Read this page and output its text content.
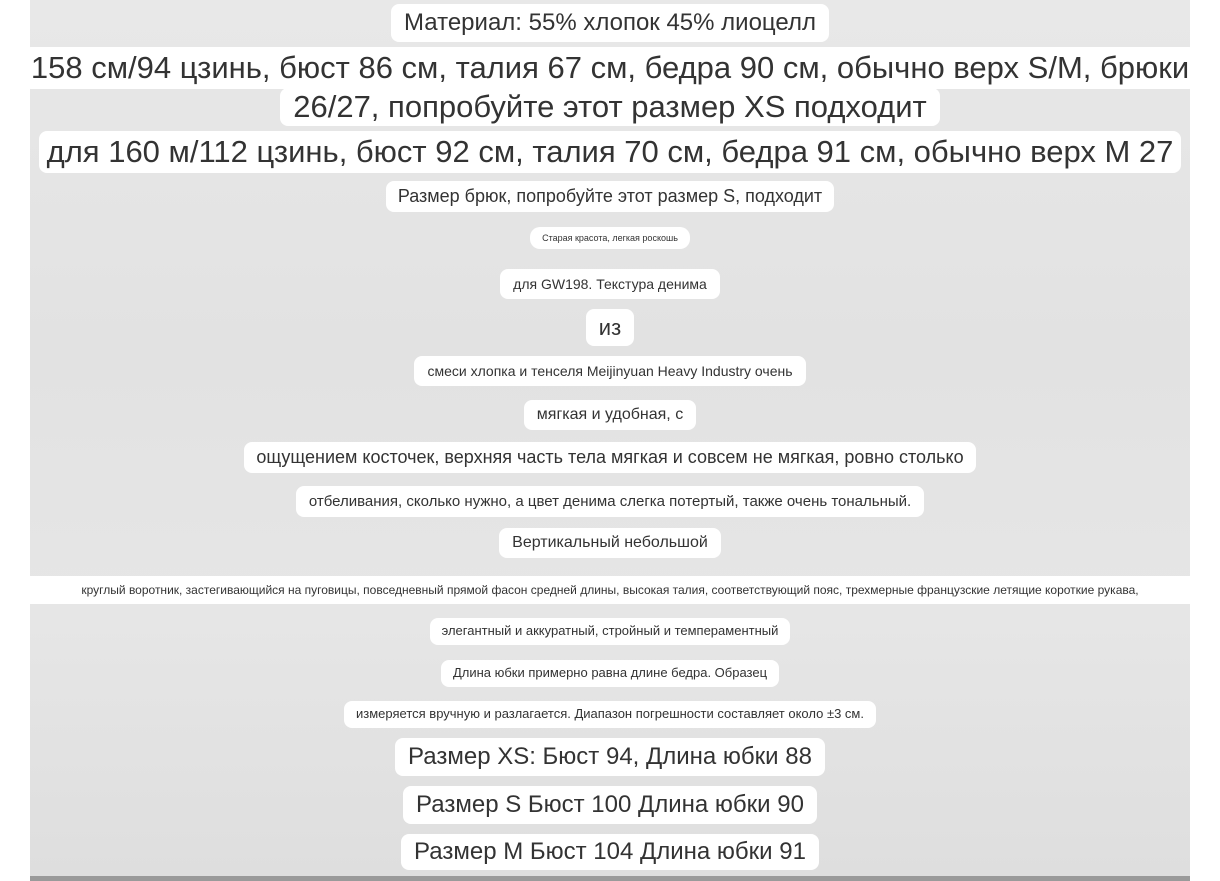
Материал: 55% хлопок 45% лиоцелл
158 см/94 цзинь, бюст 86 см, талия 67 см, бедра 90 см, обычно верх S/M, брюки
26/27, попробуйте этот размер XS подходит
для 160 м/112 цзинь, бюст 92 см, талия 70 см, бедра 91 см, обычно верх M 27
Размер брюк, попробуйте этот размер S, подходит
Старая красота, легкая роскошь
для GW198. Текстура денима
из
смеси хлопка и тенселя Meijinyuan Heavy Industry очень
мягкая и удобная, с
ощущением косточек, верхняя часть тела мягкая и совсем не мягкая, ровно столько
отбеливания, сколько нужно, а цвет денима слегка потертый, также очень тональный.
Вертикальный небольшой
круглый воротник, застегивающийся на пуговицы, повседневный прямой фасон средней длины, высокая талия, соответствующий пояс, трехмерные французские летящие короткие рукава,
элегантный и аккуратный, стройный и темпераментный
Длина юбки примерно равна длине бедра. Образец
измеряется вручную и разлагается. Диапазон погрешности составляет около ±3 см.
Размер XS: Бюст 94, Длина юбки 88
Размер S Бюст 100 Длина юбки 90
Размер M Бюст 104 Длина юбки 91
